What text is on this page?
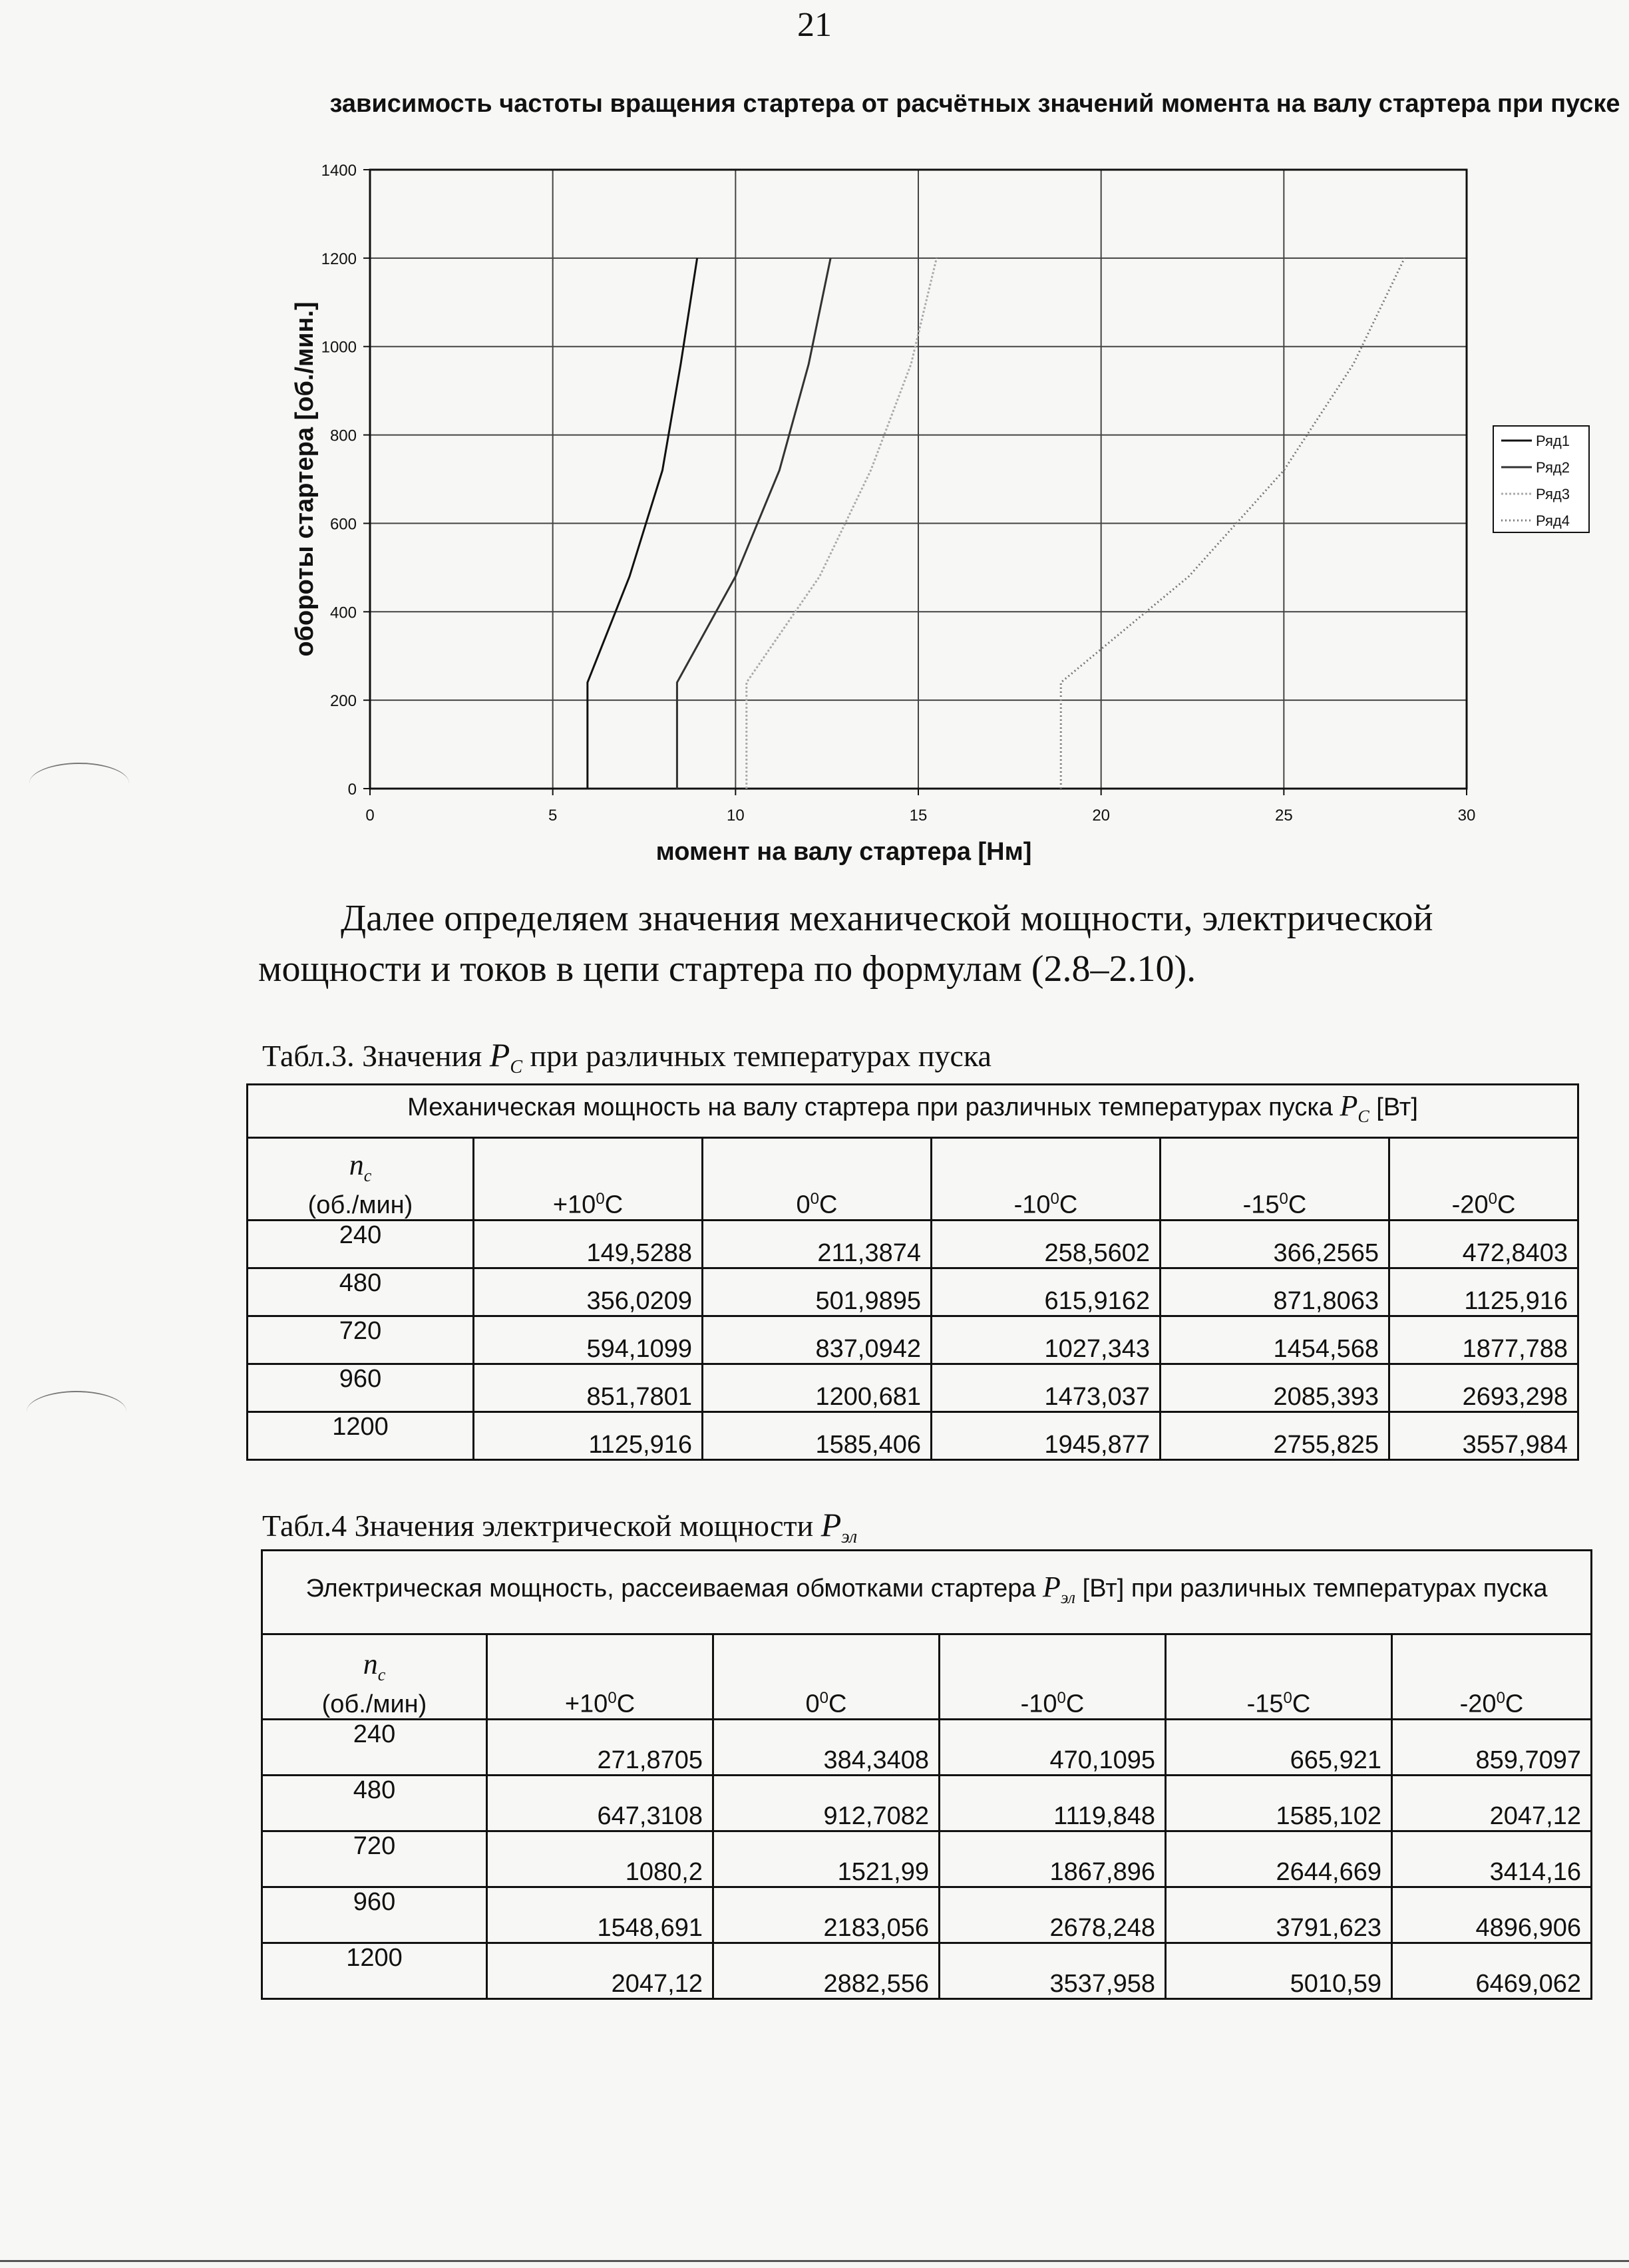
21
зависимость частоты вращения стартера от расчётных значений момента на валу стартера при пуске
0	5	10	15	20	25	30
0
200
400
600
800
1000
1200
1400
момент на валу стартера [Нм]
обороты стартера [об./мин.]	Ряд1
Ряд2
Ряд3
Ряд4
Далее определяем значения механической мощности, электрической мощности и токов в цепи стартера по формулам (2.8–2.10).
Табл.3. Значения $P_C$ при различных температурах пуска
Механическая мощность на валу стартера при различных температурах пуска $P_C$ [Вт]					

$n_c$
(об./мин)	$+10^0C$	$0^0C$	$-10^0C$	$-15^0C$	$-20^0C$
240	149,5288	211,3874	258,5602	366,2565	472,8403
480	356,0209	501,9895	615,9162	871,8063	1125,916
720	594,1099	837,0942	1027,343	1454,568	1877,788
960	851,7801	1200,681	1473,037	2085,393	2693,298
1200	1125,916	1585,406	1945,877	2755,825	3557,984
Табл.4 Значения электрической мощности $P_{эл}$
Электрическая мощность, рассеиваемая обмотками стартера $P_{эл}$ [Вт] при различных температурах пуска					

$n_c$
(об./мин)	$+10^0C$	$0^0C$	$-10^0C$	$-15^0C$	$-20^0C$
240	271,8705	384,3408	470,1095	665,921	859,7097
480	647,3108	912,7082	1119,848	1585,102	2047,12
720	1080,2	1521,99	1867,896	2644,669	3414,16
960	1548,691	2183,056	2678,248	3791,623	4896,906
1200	2047,12	2882,556	3537,958	5010,59	6469,062
